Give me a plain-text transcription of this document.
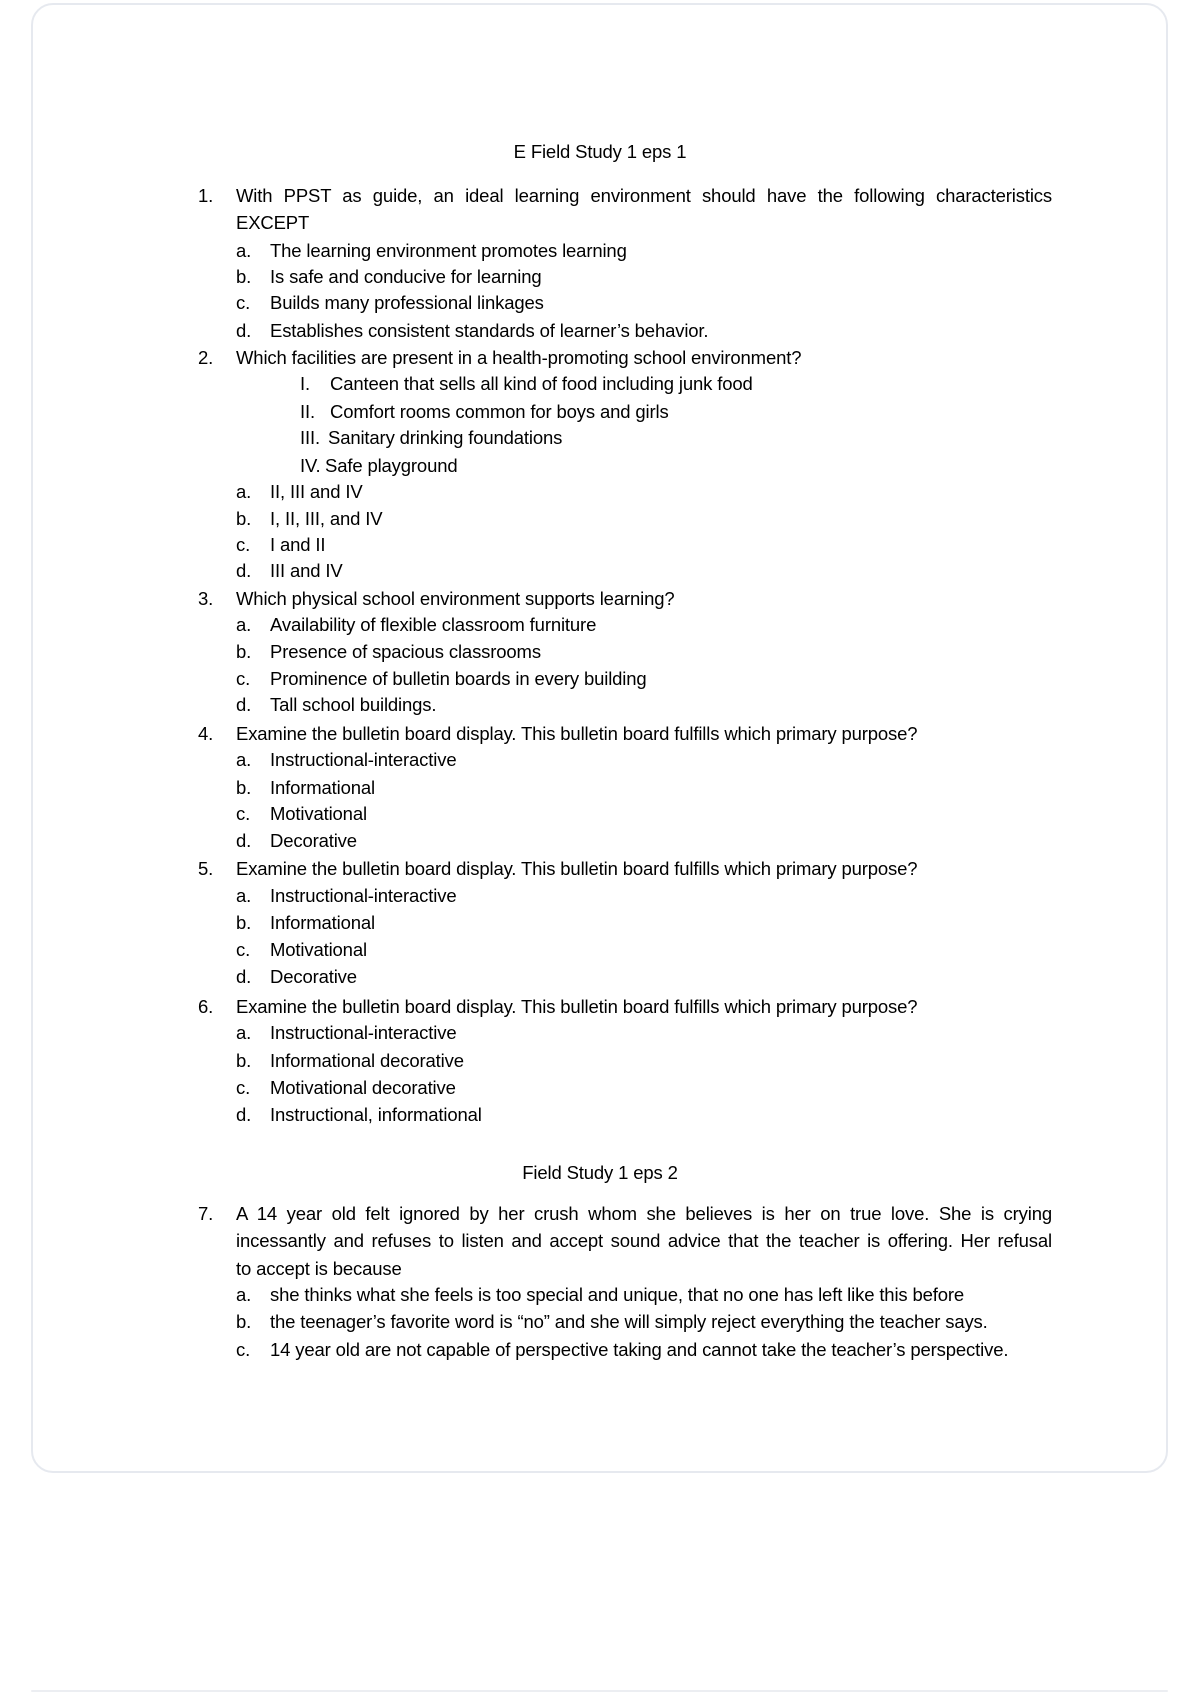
E Field Study 1 eps 1
1.	With PPST as guide, an ideal learning environment should have the following characteristics
EXCEPT
a.	The learning environment promotes learning
b.	Is safe and conducive for learning
c.	Builds many professional linkages
d.	Establishes consistent standards of learner’s behavior.
2.	Which facilities are present in a health-promoting school environment?
I.	Canteen that sells all kind of food including junk food
II. Comfort rooms common for boys and girls
III. Sanitary drinking foundations
IV. Safe playground
a.	II, III and IV
b.	I, II, III, and IV
c.	I and II
d.	III and IV
3.	Which physical school environment supports learning?
a.	Availability of flexible classroom furniture
b.	Presence of spacious classrooms
c.	Prominence of bulletin boards in every building
d.	Tall school buildings.
4.	Examine the bulletin board display. This bulletin board fulfills which primary purpose?
a.	Instructional-interactive
b.	Informational
c.	Motivational
d.	Decorative
5.	Examine the bulletin board display. This bulletin board fulfills which primary purpose?
a.	Instructional-interactive
b.	Informational
c.	Motivational
d.	Decorative
6.	Examine the bulletin board display. This bulletin board fulfills which primary purpose?
a.	Instructional-interactive
b.	Informational decorative
c.	Motivational decorative
d.	Instructional, informational
Field Study 1 eps 2
7.	A 14 year old felt ignored by her crush whom she believes is her on true love. She is crying
incessantly and refuses to listen and accept sound advice that the teacher is offering. Her refusal
to accept is because
a.	she thinks what she feels is too special and unique, that no one has left like this before
b.	the teenager’s favorite word is “no” and she will simply reject everything the teacher says.
c.	14 year old are not capable of perspective taking and cannot take the teacher’s perspective.
